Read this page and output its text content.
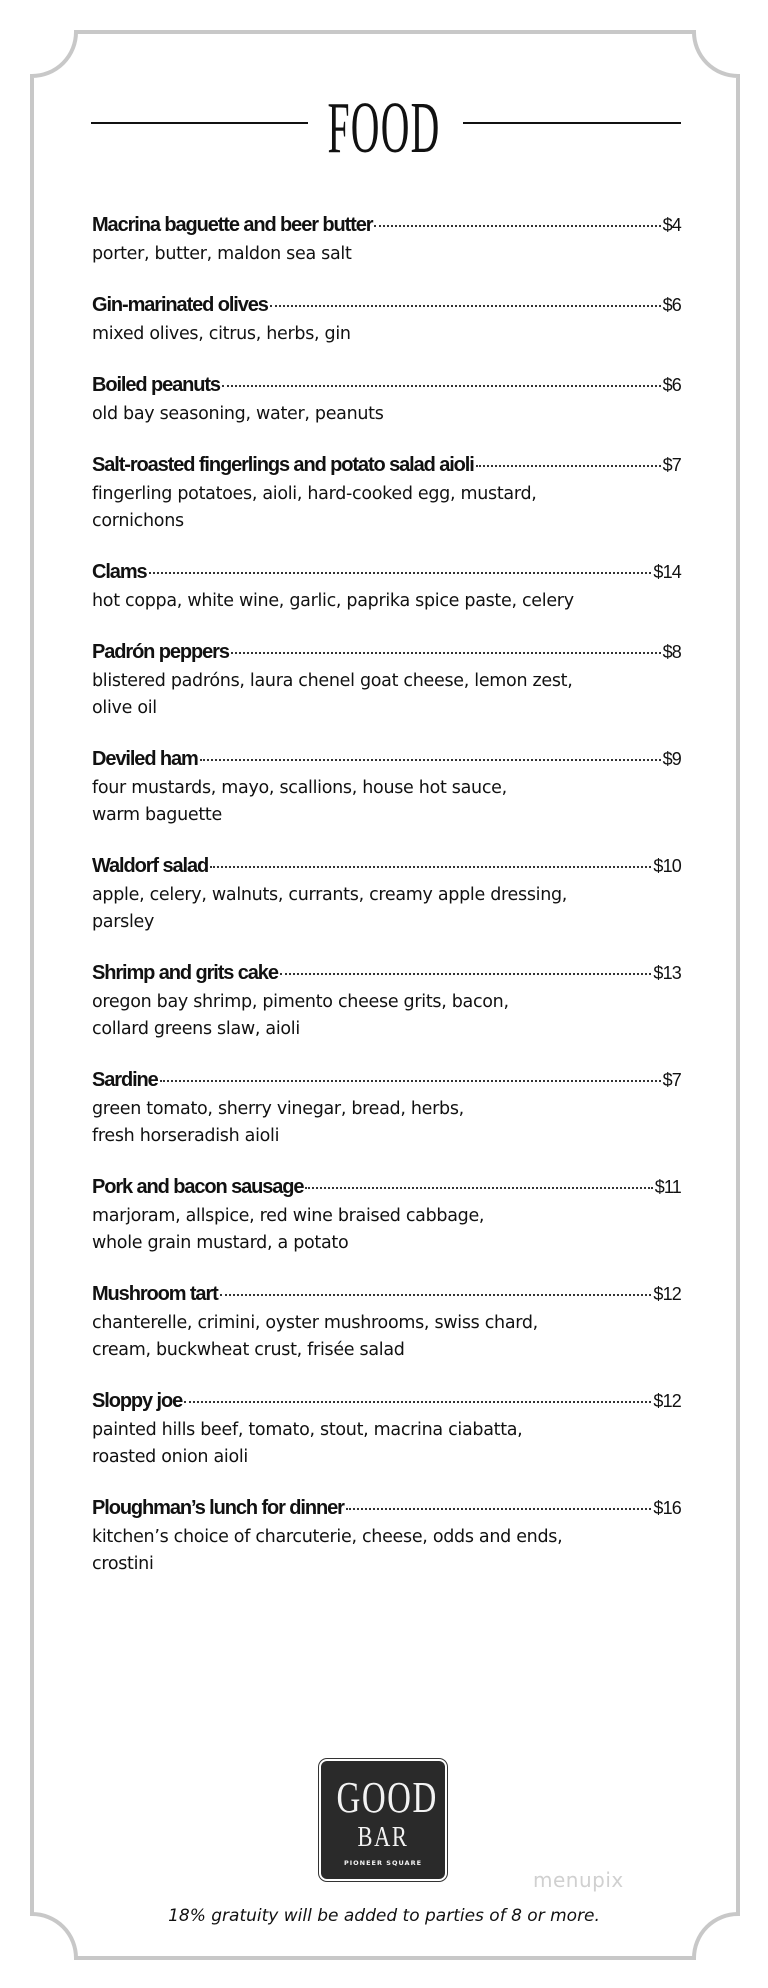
FOOD
Macrina baguette and beer butter	$4
porter, butter, maldon sea salt
Gin-marinated olives	$6
mixed olives, citrus, herbs, gin
Boiled peanuts	$6
old bay seasoning, water, peanuts
Salt-roasted fingerlings and potato salad aioli	$7
fingerling potatoes, aioli, hard-cooked egg, mustard,
cornichons
Clams	$14
hot coppa, white wine, garlic, paprika spice paste, celery
Padrón peppers	$8
blistered padróns, laura chenel goat cheese, lemon zest,
olive oil
Deviled ham	$9
four mustards, mayo, scallions, house hot sauce,
warm baguette
Waldorf salad	$10
apple, celery, walnuts, currants, creamy apple dressing,
parsley
Shrimp and grits cake	$13
oregon bay shrimp, pimento cheese grits, bacon,
collard greens slaw, aioli
Sardine	$7
green tomato, sherry vinegar, bread, herbs,
fresh horseradish aioli
Pork and bacon sausage	$11
marjoram, allspice, red wine braised cabbage,
whole grain mustard, a potato
Mushroom tart	$12
chanterelle, crimini, oyster mushrooms, swiss chard,
cream, buckwheat crust, frisée salad
Sloppy joe	$12
painted hills beef, tomato, stout, macrina ciabatta,
roasted onion aioli
Ploughman’s lunch for dinner	$16
kitchen’s choice of charcuterie, cheese, odds and ends,
crostini
GOOD
BAR
PIONEER SQUARE
menupix
18% gratuity will be added to parties of 8 or more.
